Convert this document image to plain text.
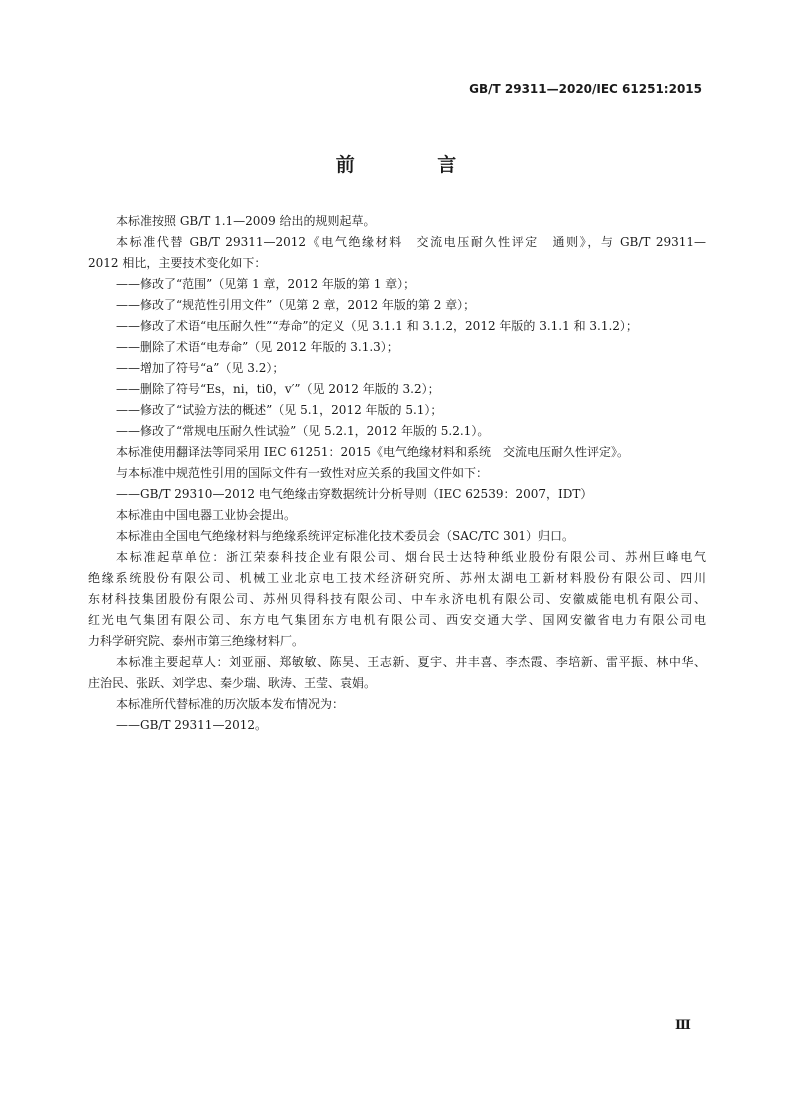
GB/T 29311—2020/IEC 61251:2015
前 言

本标准按照 GB/T 1.1—2009 给出的规则起草。

本标准代替 GB/T 29311—2012《电气绝缘材料　交流电压耐久性评定　通则》，与 GB/T 29311—

2012 相比，主要技术变化如下：

——修改了“范围”（见第 1 章，2012 年版的第 1 章）；

——修改了“规范性引用文件”（见第 2 章，2012 年版的第 2 章）；

——修改了术语“电压耐久性”“寿命”的定义（见 3.1.1 和 3.1.2，2012 年版的 3.1.1 和 3.1.2）；

——删除了术语“电寿命”（见 2012 年版的 3.1.3）；

——增加了符号“a”（见 3.2）；

——删除了符号“Es，ni，ti0，v′”（见 2012 年版的 3.2）；

——修改了“试验方法的概述”（见 5.1，2012 年版的 5.1）；

——修改了“常规电压耐久性试验”（见 5.2.1，2012 年版的 5.2.1）。

本标准使用翻译法等同采用 IEC 61251：2015《电气绝缘材料和系统　交流电压耐久性评定》。

与本标准中规范性引用的国际文件有一致性对应关系的我国文件如下：

——GB/T 29310—2012 电气绝缘击穿数据统计分析导则（IEC 62539：2007，IDT）

本标准由中国电器工业协会提出。

本标准由全国电气绝缘材料与绝缘系统评定标准化技术委员会（SAC/TC 301）归口。

本标准起草单位：浙江荣泰科技企业有限公司、烟台民士达特种纸业股份有限公司、苏州巨峰电气

绝缘系统股份有限公司、机械工业北京电工技术经济研究所、苏州太湖电工新材料股份有限公司、四川

东材科技集团股份有限公司、苏州贝得科技有限公司、中车永济电机有限公司、安徽威能电机有限公司、

红光电气集团有限公司、东方电气集团东方电机有限公司、西安交通大学、国网安徽省电力有限公司电

力科学研究院、泰州市第三绝缘材料厂。

本标准主要起草人：刘亚丽、郑敏敏、陈昊、王志新、夏宇、井丰喜、李杰霞、李培新、雷平振、林中华、

庄治民、张跃、刘学忠、秦少瑞、耿涛、王莹、袁娟。

本标准所代替标准的历次版本发布情况为：

——GB/T 29311—2012。

Ⅲ
